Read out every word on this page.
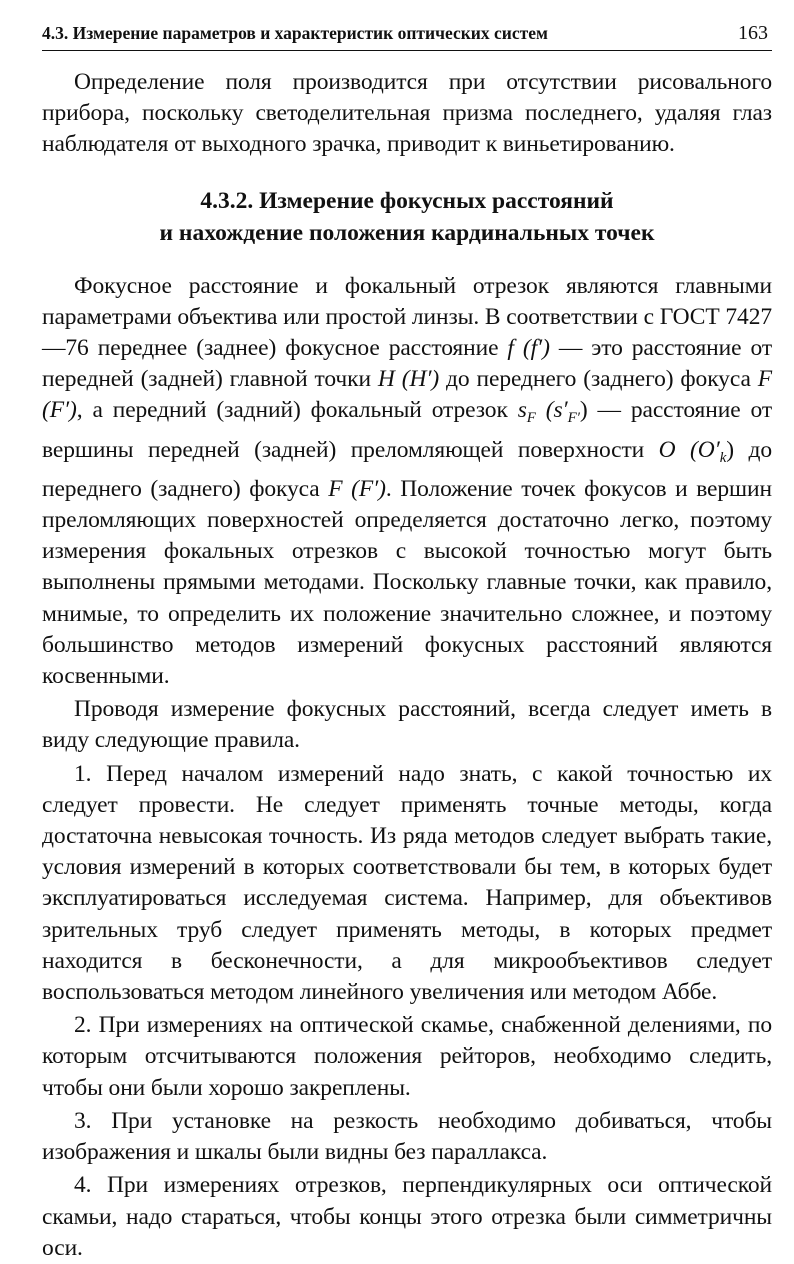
4.3. Измерение параметров и характеристик оптических систем	163

Определение поля производится при отсутствии рисовального прибора, поскольку светоделительная призма последнего, удаляя глаз наблюдателя от выходного зрачка, приводит к виньетированию.

4.3.2. Измерение фокусных расстояний
и нахождение положения кардинальных точек

Фокусное расстояние и фокальный отрезок являются главными параметрами объектива или простой линзы. В соответствии с ГОСТ 7427—76 переднее (заднее) фокусное расстояние f (f′) — это расстояние от передней (задней) главной точки H (H′) до переднего (заднего) фокуса F (F′), а передний (задний) фокальный отрезок $s_F$ $(s'_{F'})$ — расстояние от вершины передней (задней) преломляющей поверхности O $(O'_k)$ до переднего (заднего) фокуса F (F′). Положение точек фокусов и вершин преломляющих поверхностей определяется достаточно легко, поэтому измерения фокальных отрезков с высокой точностью могут быть выполнены прямыми методами. Поскольку главные точки, как правило, мнимые, то определить их положение значительно сложнее, и поэтому большинство методов измерений фокусных расстояний являются косвенными.

Проводя измерение фокусных расстояний, всегда следует иметь в виду следующие правила.

1. Перед началом измерений надо знать, с какой точностью их следует провести. Не следует применять точные методы, когда достаточна невысокая точность. Из ряда методов следует выбрать такие, условия измерений в которых соответствовали бы тем, в которых будет эксплуатироваться исследуемая система. Например, для объективов зрительных труб следует применять методы, в которых предмет находится в бесконечности, а для микрообъективов следует воспользоваться методом линейного увеличения или методом Аббе.

2. При измерениях на оптической скамье, снабженной делениями, по которым отсчитываются положения рейторов, необходимо следить, чтобы они были хорошо закреплены.

3. При установке на резкость необходимо добиваться, чтобы изображения и шкалы были видны без параллакса.

4. При измерениях отрезков, перпендикулярных оси оптической скамьи, надо стараться, чтобы концы этого отрезка были симметричны оси.
